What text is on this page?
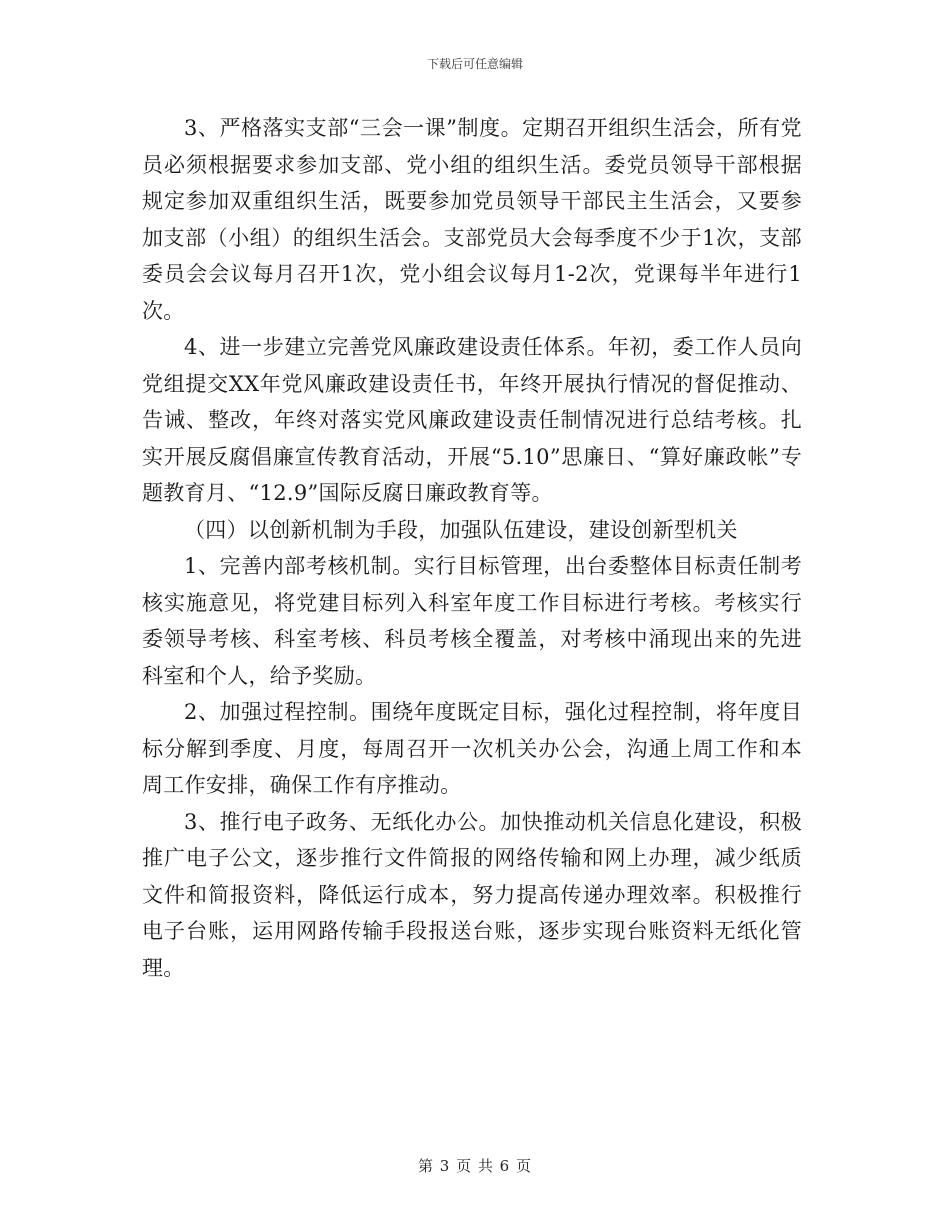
下载后可任意编辑

3、严格落实支部“三会一课”制度。定期召开组织生活会，所有党员必须根据要求参加支部、党小组的组织生活。委党员领导干部根据规定参加双重组织生活，既要参加党员领导干部民主生活会，又要参加支部（小组）的组织生活会。支部党员大会每季度不少于1次，支部委员会会议每月召开1次，党小组会议每月1-2次，党课每半年进行1次。

4、进一步建立完善党风廉政建设责任体系。年初，委工作人员向党组提交XX年党风廉政建设责任书，年终开展执行情况的督促推动、告诫、整改，年终对落实党风廉政建设责任制情况进行总结考核。扎实开展反腐倡廉宣传教育活动，开展“5.10”思廉日、“算好廉政帐”专题教育月、“12.9”国际反腐日廉政教育等。

（四）以创新机制为手段，加强队伍建设，建设创新型机关

1、完善内部考核机制。实行目标管理，出台委整体目标责任制考核实施意见，将党建目标列入科室年度工作目标进行考核。考核实行委领导考核、科室考核、科员考核全覆盖，对考核中涌现出来的先进科室和个人，给予奖励。

2、加强过程控制。围绕年度既定目标，强化过程控制，将年度目标分解到季度、月度，每周召开一次机关办公会，沟通上周工作和本周工作安排，确保工作有序推动。

3、推行电子政务、无纸化办公。加快推动机关信息化建设，积极推广电子公文，逐步推行文件简报的网络传输和网上办理，减少纸质文件和简报资料，降低运行成本，努力提高传递办理效率。积极推行电子台账，运用网路传输手段报送台账，逐步实现台账资料无纸化管理。

第 3 页 共 6 页
